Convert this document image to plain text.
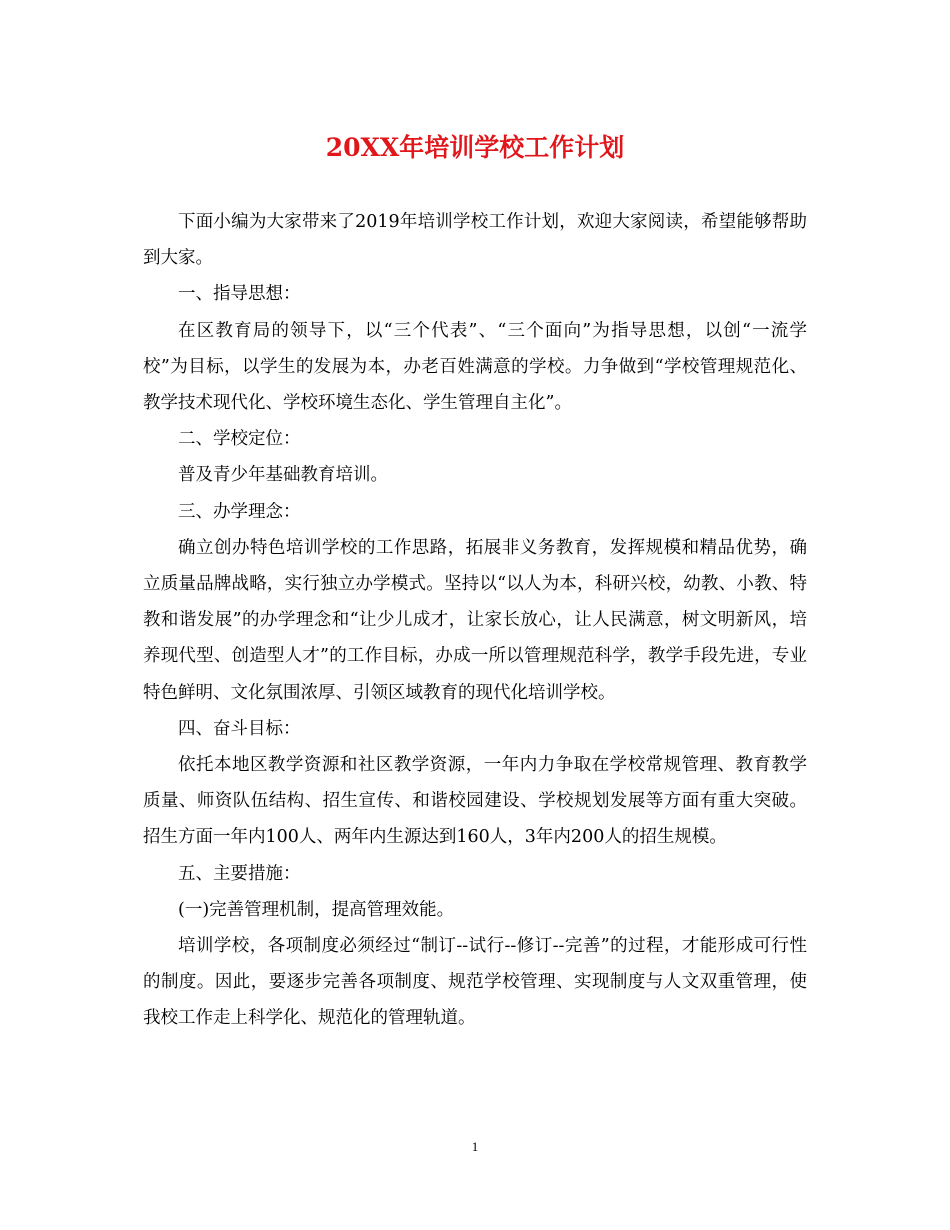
20XX年培训学校工作计划

下面小编为大家带来了2019年培训学校工作计划，欢迎大家阅读，希望能够帮助到大家。

一、指导思想：

在区教育局的领导下，以“三个代表”、“三个面向”为指导思想，以创“一流学校”为目标，以学生的发展为本，办老百姓满意的学校。力争做到“学校管理规范化、教学技术现代化、学校环境生态化、学生管理自主化”。

二、学校定位：

普及青少年基础教育培训。

三、办学理念：

确立创办特色培训学校的工作思路，拓展非义务教育，发挥规模和精品优势，确立质量品牌战略，实行独立办学模式。坚持以“以人为本，科研兴校，幼教、小教、特教和谐发展”的办学理念和“让少儿成才，让家长放心，让人民满意，树文明新风，培养现代型、创造型人才”的工作目标，办成一所以管理规范科学，教学手段先进，专业特色鲜明、文化氛围浓厚、引领区域教育的现代化培训学校。

四、奋斗目标：

依托本地区教学资源和社区教学资源，一年内力争取在学校常规管理、教育教学质量、师资队伍结构、招生宣传、和谐校园建设、学校规划发展等方面有重大突破。招生方面一年内100人、两年内生源达到160人，3年内200人的招生规模。

五、主要措施：

(一)完善管理机制，提高管理效能。

培训学校，各项制度必须经过“制订--试行--修订--完善”的过程，才能形成可行性的制度。因此，要逐步完善各项制度、规范学校管理、实现制度与人文双重管理，使我校工作走上科学化、规范化的管理轨道。

1
